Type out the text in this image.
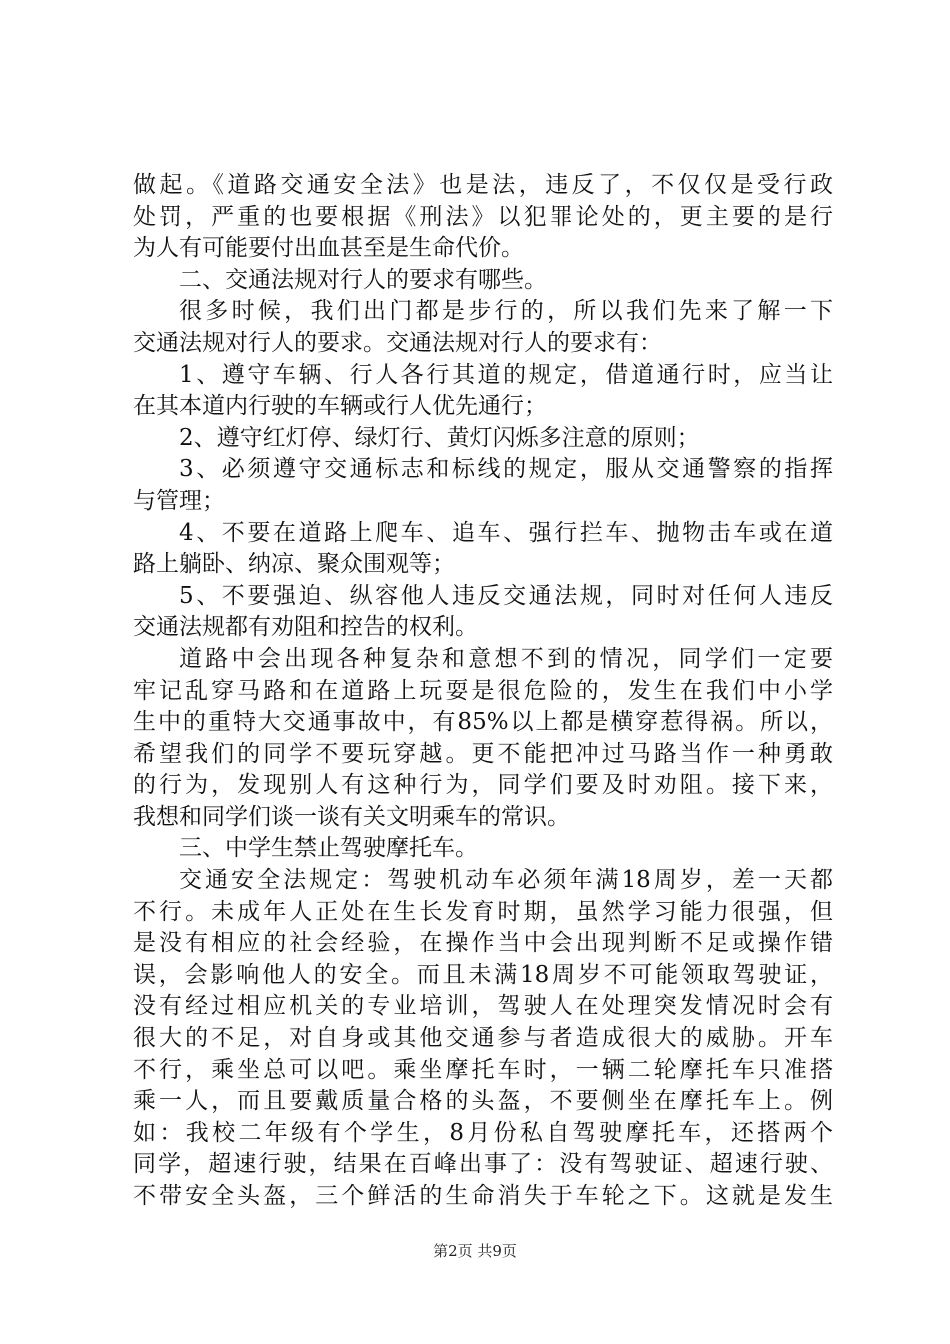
做起。《道路交通安全法》也是法，违反了，不仅仅是受行政
处罚，严重的也要根据《刑法》以犯罪论处的，更主要的是行
为人有可能要付出血甚至是生命代价。
二、交通法规对行人的要求有哪些。
很多时候，我们出门都是步行的，所以我们先来了解一下
交通法规对行人的要求。交通法规对行人的要求有：
1、遵守车辆、行人各行其道的规定，借道通行时，应当让
在其本道内行驶的车辆或行人优先通行；
2、遵守红灯停、绿灯行、黄灯闪烁多注意的原则；
3、必须遵守交通标志和标线的规定，服从交通警察的指挥
与管理；
4、不要在道路上爬车、追车、强行拦车、抛物击车或在道
路上躺卧、纳凉、聚众围观等；
5、不要强迫、纵容他人违反交通法规，同时对任何人违反
交通法规都有劝阻和控告的权利。
道路中会出现各种复杂和意想不到的情况，同学们一定要
牢记乱穿马路和在道路上玩耍是很危险的，发生在我们中小学
生中的重特大交通事故中，有85%以上都是横穿惹得祸。所以，
希望我们的同学不要玩穿越。更不能把冲过马路当作一种勇敢
的行为，发现别人有这种行为，同学们要及时劝阻。接下来，
我想和同学们谈一谈有关文明乘车的常识。
三、中学生禁止驾驶摩托车。
交通安全法规定：驾驶机动车必须年满18周岁，差一天都
不行。未成年人正处在生长发育时期，虽然学习能力很强，但
是没有相应的社会经验，在操作当中会出现判断不足或操作错
误，会影响他人的安全。而且未满18周岁不可能领取驾驶证，
没有经过相应机关的专业培训，驾驶人在处理突发情况时会有
很大的不足，对自身或其他交通参与者造成很大的威胁。开车
不行，乘坐总可以吧。乘坐摩托车时，一辆二轮摩托车只准搭
乘一人，而且要戴质量合格的头盔，不要侧坐在摩托车上。例
如：我校二年级有个学生，8月份私自驾驶摩托车，还搭两个
同学，超速行驶，结果在百峰出事了：没有驾驶证、超速行驶、
不带安全头盔，三个鲜活的生命消失于车轮之下。这就是发生
第2页 共9页
